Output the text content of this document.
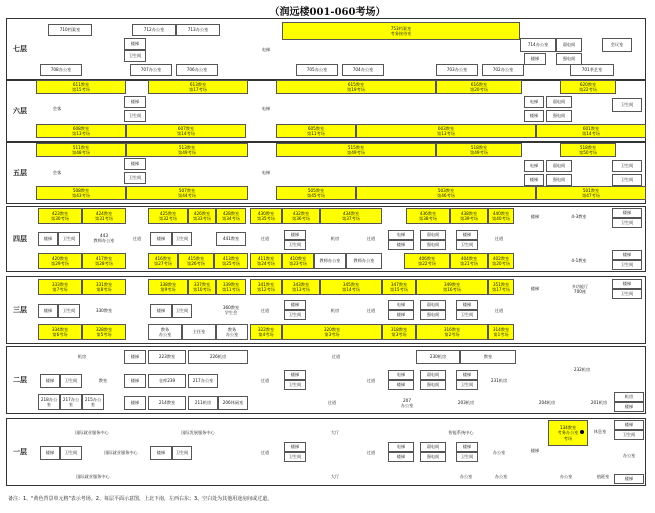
（润远楼001-060考场）
七层
710档案室	712办公室	713办公室
楼梯
卫生间
电梯
753档案室
考务接待室
714办公室	弱电间	会议室
楼梯	强电间
708办公室	707办公室	706办公室	705办公室	704办公室	703办公室	702办公室	701茶艺室
六层
611教室
第15考场
613教室
第17考场
615教室
第19考场
616教室
第20考场
620教室
第22考场
会客
楼梯
卫生间
电梯
电梯	弱电间
楼梯	强电间
卫生间
608教室
第13考场
607教室
第14考场
605教室
第11考场
603教室
第13考场
601教室
第14考场
五层
511教室
第48考场
513教室
第49考场
515教室
第49考场
518教室
第49考场
518教室
第50考场
会客
楼梯
卫生间
电梯
电梯	弱电间
楼梯	强电间
卫生间
卫生间
508教室
第43考场
507教室
第44考场
505教室
第45考场
503教室
第46考场
501教室
第47考场
四层
423教室
第30考场
424教室
第31考场
425教室
第32考场
426教室
第33考场
428教室
第34考场
430教室
第35考场
432教室
第36考场
434教室
第37考场
436教室
第38考场
438教室
第39考场
440教室
第40考场
楼梯	卫生间
443
教师办公室	过道	楼梯	卫生间	441教室	过道
楼梯
卫生间
机房	过道
电梯
楼梯
弱电间
强电间
楼梯
卫生间
过道
楼梯	4-3教室
楼梯
卫生间
420教室
第29考场
417教室
第28考场
416教室
第27考场
415教室
第26考场
413教室
第25考场
411教室
第24考场
410教室
第23考场
教师办公室	教师办公室
406教室
第22考场
404教室
第21考场
402教室
第20考场
4-1教室
楼梯
卫生间
三层
333教室
第7考场
331教室
第8考场
338教室
第9考场
337教室
第10考场
339教室
第11考场
341教室
第12考场
343教室
第13考场
345教室
第14考场
347教室
第15考场
349教室
第16考场
351教室
第17考场
楼梯	卫生间	330教室	楼梯	卫生间
360教室
学生会	过道
楼梯
卫生间
机房	过道
电梯
楼梯
弱电间
强电间
楼梯
卫生间
过道
楼梯
多功能厅
700座
楼梯
卫生间
334教室
第6考场
328教室
第5考场
教务
办公室
主任室
教务
办公室
322教室
第4考场
320教室
第3考场
318教室
第3考场
316教室
第2考场
314教室
第1考场
二层
机房	楼梯	223教室	226机房	过道	230机房	教室
楼梯	卫生间	教室	楼梯	仓库239	217办公室	过道
楼梯
卫生间
过道
电梯
楼梯
弱电间
强电间
楼梯
卫生间
231机房
232机房
218办公室
217办公室
215办公室	楼梯	214教室	211机房	206休闲室	过道
207
办公室
203机房	204机房	201机房
机房
楼梯
一层
国际就业服务中心	国际发展服务中心	大厅	智能系统中心
楼梯	卫生间	国际就业服务中心	楼梯	卫生间	过道
楼梯
卫生间
过道
电梯
楼梯
弱电间
强电间
楼梯
卫生间
办公室	楼梯
134教室
考务办公室
考场
休息室
楼梯
卫生间
办公室
国际就业服务中心	大厅	办公室	办公室	办公室	值班室	楼梯
备注：1、"黄色背景单元格"表示考场。2、每层平面示意图，上北下南，左西右东；3、空白处为其他用途房间或过道。
